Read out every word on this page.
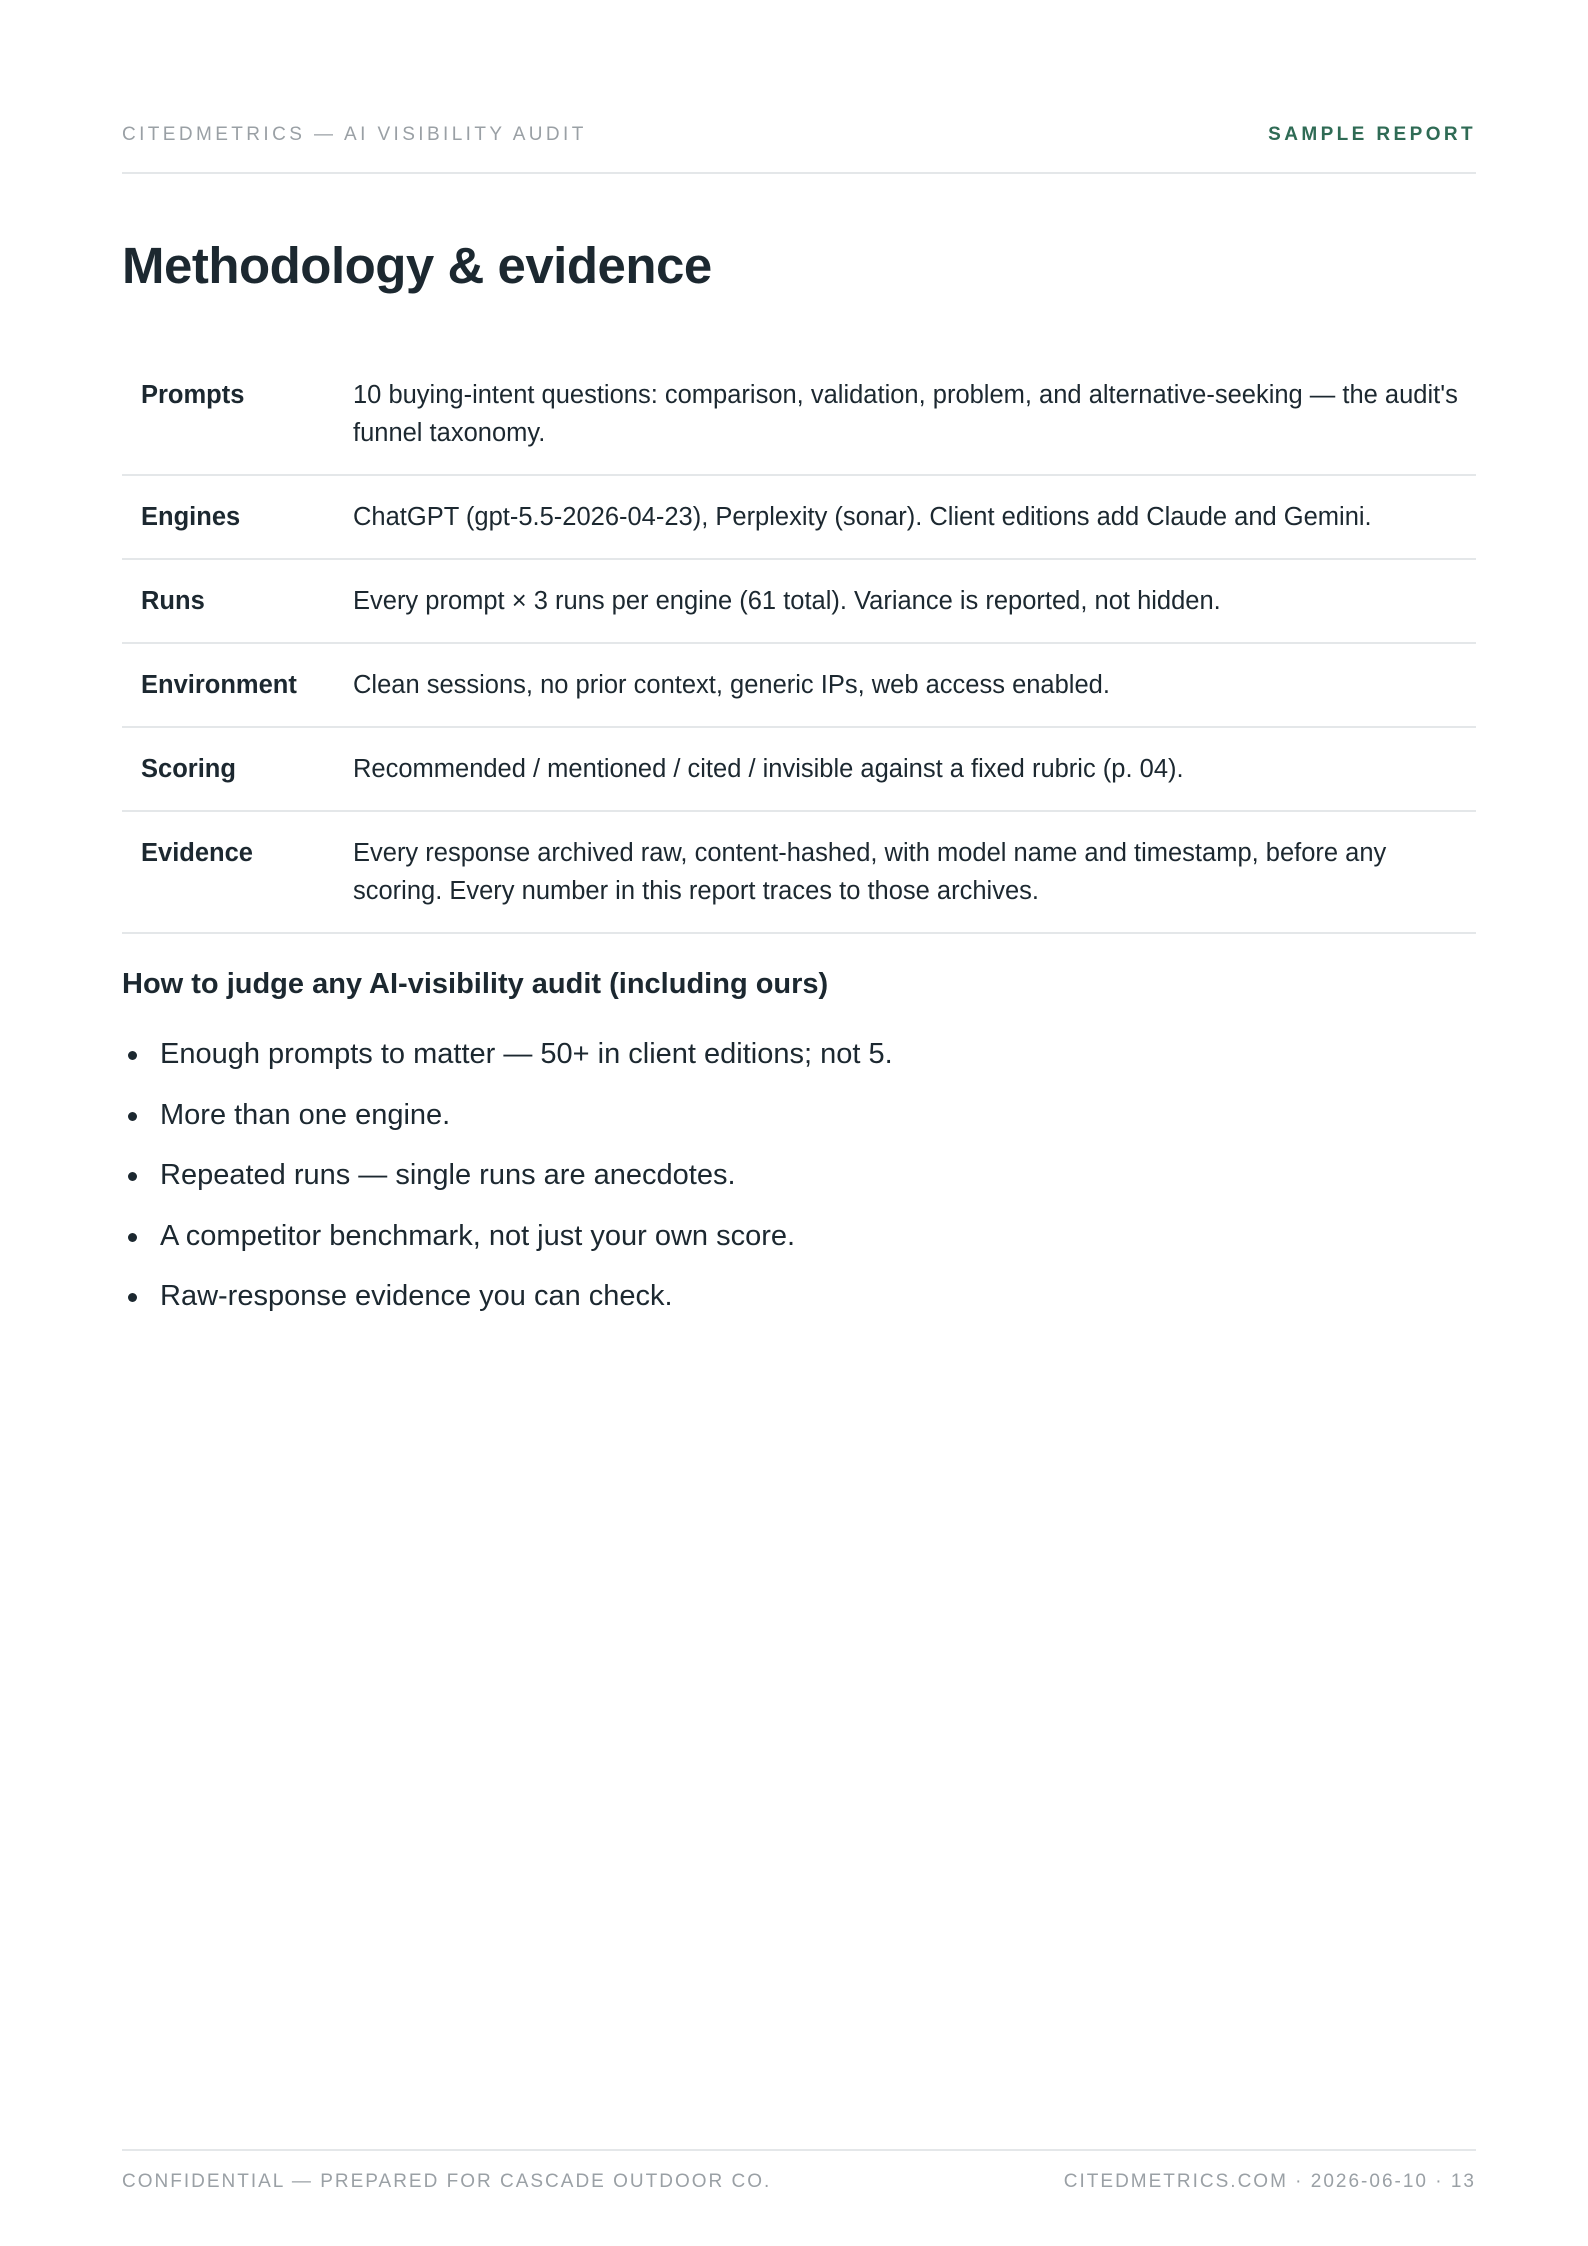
CITEDMETRICS — AI VISIBILITY AUDIT	SAMPLE REPORT
Methodology & evidence
Prompts	10 buying-intent questions: comparison, validation, problem, and alternative-seeking — the audit's funnel taxonomy.
Engines	ChatGPT (gpt-5.5-2026-04-23), Perplexity (sonar). Client editions add Claude and Gemini.
Runs	Every prompt × 3 runs per engine (61 total). Variance is reported, not hidden.
Environment	Clean sessions, no prior context, generic IPs, web access enabled.
Scoring	Recommended / mentioned / cited / invisible against a fixed rubric (p. 04).
Evidence	Every response archived raw, content-hashed, with model name and timestamp, before any scoring. Every number in this report traces to those archives.
How to judge any AI-visibility audit (including ours)
Enough prompts to matter — 50+ in client editions; not 5.
More than one engine.
Repeated runs — single runs are anecdotes.
A competitor benchmark, not just your own score.
Raw-response evidence you can check.
CONFIDENTIAL — PREPARED FOR CASCADE OUTDOOR CO.	CITEDMETRICS.COM · 2026-06-10 · 13
